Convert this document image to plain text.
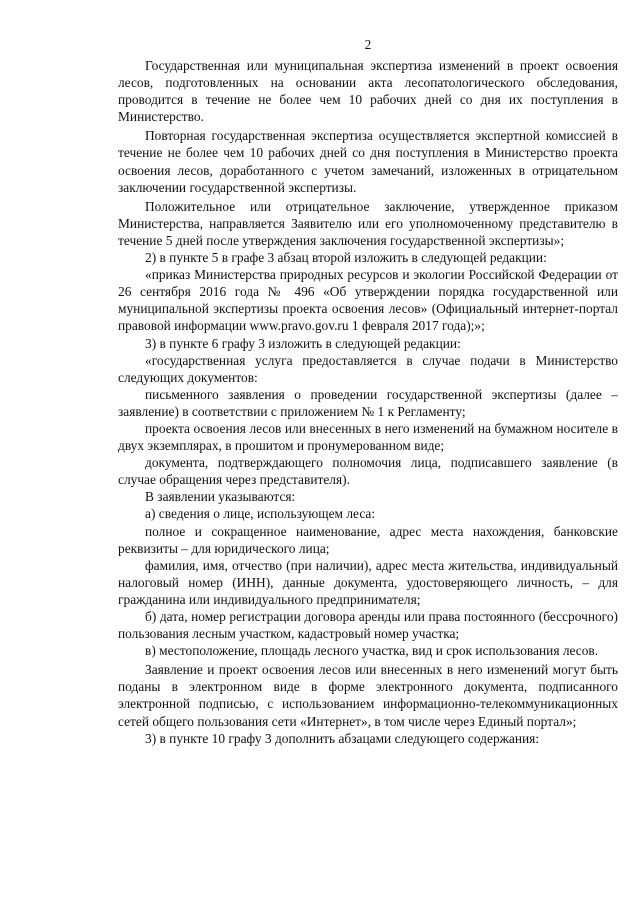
2

Государственная или муниципальная экспертиза изменений в проект освоения лесов, подготовленных на основании акта лесопатологического обследования, проводится в течение не более чем 10 рабочих дней со дня их поступления в Министерство.

Повторная государственная экспертиза осуществляется экспертной комиссией в течение не более чем 10 рабочих дней со дня поступления в Министерство проекта освоения лесов, доработанного с учетом замечаний, изложенных в отрицательном заключении государственной экспертизы.

Положительное или отрицательное заключение, утвержденное приказом Министерства, направляется Заявителю или его уполномоченному представителю в течение 5 дней после утверждения заключения государственной экспертизы»;

2) в пункте 5 в графе 3 абзац второй изложить в следующей редакции:

«приказ Министерства природных ресурсов и экологии Российской Федерации от 26 сентября 2016 года № 496 «Об утверждении порядка государственной или муниципальной экспертизы проекта освоения лесов» (Официальный интернет-портал правовой информации www.pravo.gov.ru 1 февраля 2017 года);»;

3) в пункте 6 графу 3 изложить в следующей редакции:

«государственная услуга предоставляется в случае подачи в Министерство следующих документов:

письменного заявления о проведении государственной экспертизы (далее – заявление) в соответствии с приложением № 1 к Регламенту;

проекта освоения лесов или внесенных в него изменений на бумажном носителе в двух экземплярах, в прошитом и пронумерованном виде;

документа, подтверждающего полномочия лица, подписавшего заявление (в случае обращения через представителя).

В заявлении указываются:

а) сведения о лице, использующем леса:

полное и сокращенное наименование, адрес места нахождения, банковские реквизиты – для юридического лица;

фамилия, имя, отчество (при наличии), адрес места жительства, индивидуальный налоговый номер (ИНН), данные документа, удостоверяющего личность, – для гражданина или индивидуального предпринимателя;

б) дата, номер регистрации договора аренды или права постоянного (бессрочного) пользования лесным участком, кадастровый номер участка;

в) местоположение, площадь лесного участка, вид и срок использования лесов.

Заявление и проект освоения лесов или внесенных в него изменений могут быть поданы в электронном виде в форме электронного документа, подписанного электронной подписью, с использованием информационно-телекоммуникационных сетей общего пользования сети «Интернет», в том числе через Единый портал»;

3) в пункте 10 графу 3 дополнить абзацами следующего содержания:
